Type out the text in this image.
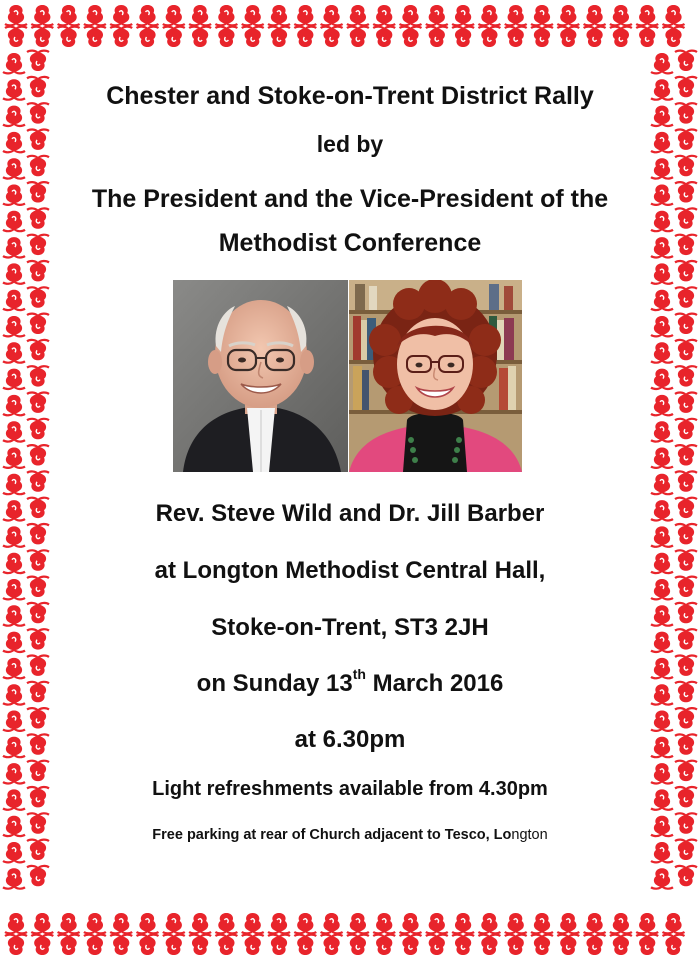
Chester and Stoke-on-Trent District Rally
led by
The President and the Vice-President of the
Methodist Conference
Rev. Steve Wild and Dr. Jill Barber
at Longton Methodist Central Hall,
Stoke-on-Trent, ST3 2JH
on Sunday 13th March 2016
at 6.30pm
Light refreshments available from 4.30pm
Free parking at rear of Church adjacent to Tesco, Longton
